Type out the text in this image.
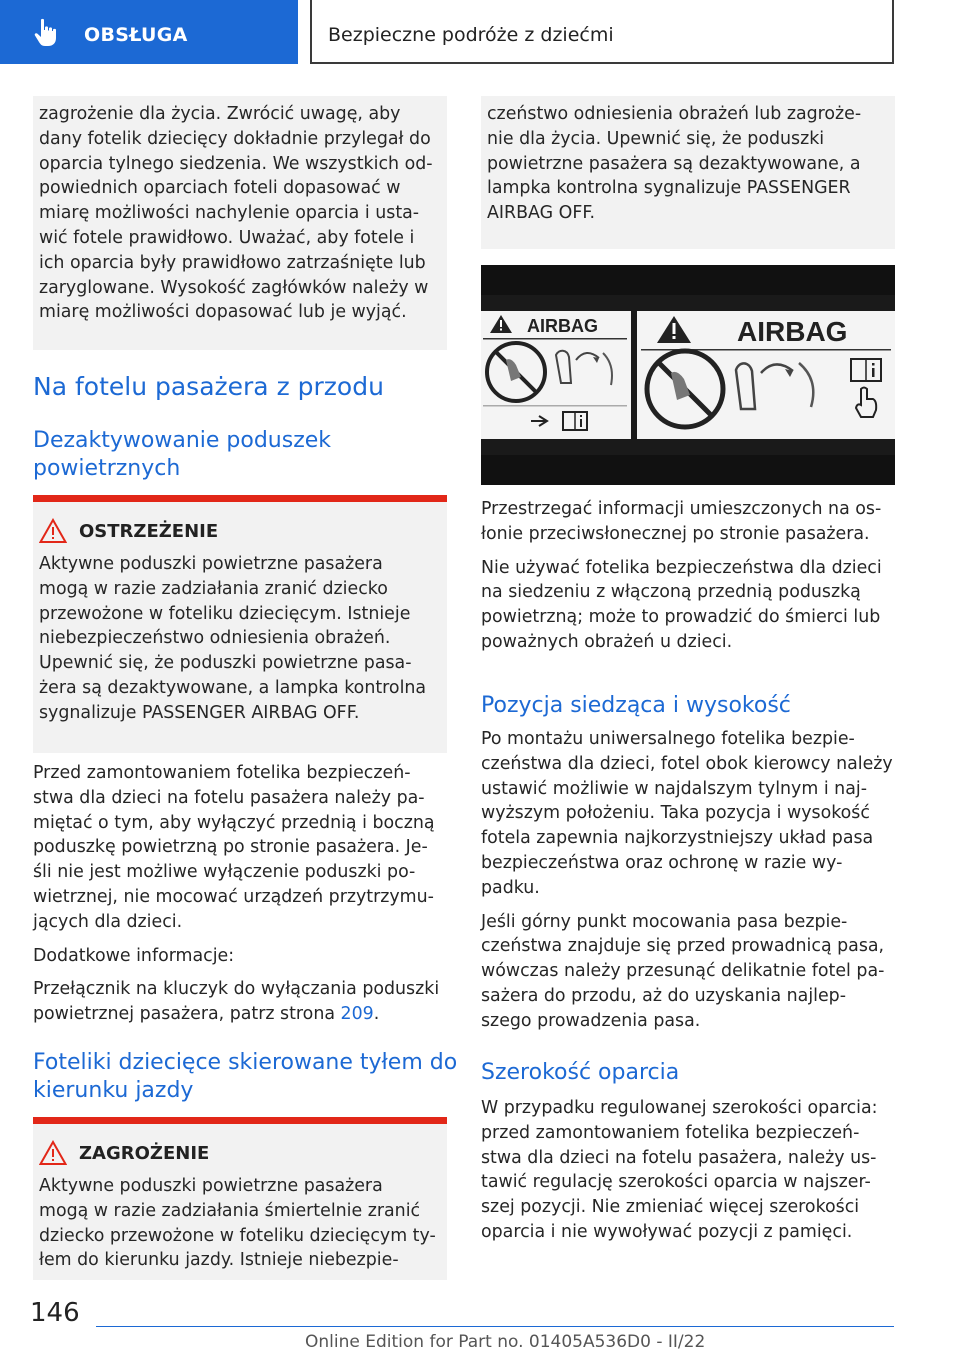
OBSŁUGA	Bezpieczne podróże z dziećmi

zagrożenie dla życia. Zwrócić uwagę, aby

dany fotelik dziecięcy dokładnie przylegał do

oparcia tylnego siedzenia. We wszystkich od-

powiednich oparciach foteli dopasować w

miarę możliwości nachylenie oparcia i usta-

wić fotele prawidłowo. Uważać, aby fotele i

ich oparcia były prawidłowo zatrzaśnięte lub

zaryglowane. Wysokość zagłówków należy w

miarę możliwości dopasować lub je wyjąć.

Na fotelu pasażera z przodu
Dezaktywowanie poduszek
powietrznych
OSTRZEŻENIE

Aktywne poduszki powietrzne pasażera

mogą w razie zadziałania zranić dziecko

przewożone w foteliku dziecięcym. Istnieje

niebezpieczeństwo odniesienia obrażeń.

Upewnić się, że poduszki powietrzne pasa-

żera są dezaktywowane, a lampka kontrolna

sygnalizuje PASSENGER AIRBAG OFF.

Przed zamontowaniem fotelika bezpieczeń-

stwa dla dzieci na fotelu pasażera należy pa-

miętać o tym, aby wyłączyć przednią i boczną

poduszkę powietrzną po stronie pasażera. Je-

śli nie jest możliwe wyłączenie poduszki po-

wietrznej, nie mocować urządzeń przytrzymu-

jących dla dzieci.

Dodatkowe informacje:

Przełącznik na kluczyk do wyłączania poduszki

powietrznej pasażera, patrz strona 209.

Foteliki dziecięce skierowane tyłem do
kierunku jazdy
ZAGROŻENIE

Aktywne poduszki powietrzne pasażera

mogą w razie zadziałania śmiertelnie zranić

dziecko przewożone w foteliku dziecięcym ty-

łem do kierunku jazdy. Istnieje niebezpie-

czeństwo odniesienia obrażeń lub zagroże-

nie dla życia. Upewnić się, że poduszki

powietrzne pasażera są dezaktywowane, a

lampka kontrolna sygnalizuje PASSENGER

AIRBAG OFF.

AIRBAG	AIRBAG

Przestrzegać informacji umieszczonych na os-

łonie przeciwsłonecznej po stronie pasażera.

Nie używać fotelika bezpieczeństwa dla dzieci

na siedzeniu z włączoną przednią poduszką

powietrzną; może to prowadzić do śmierci lub

poważnych obrażeń u dzieci.

Pozycja siedząca i wysokość

Po montażu uniwersalnego fotelika bezpie-

czeństwa dla dzieci, fotel obok kierowcy należy

ustawić możliwie w najdalszym tylnym i naj-

wyższym położeniu. Taka pozycja i wysokość

fotela zapewnia najkorzystniejszy układ pasa

bezpieczeństwa oraz ochronę w razie wy-

padku.

Jeśli górny punkt mocowania pasa bezpie-

czeństwa znajduje się przed prowadnicą pasa,

wówczas należy przesunąć delikatnie fotel pa-

sażera do przodu, aż do uzyskania najlep-

szego prowadzenia pasa.

Szerokość oparcia

W przypadku regulowanej szerokości oparcia:

przed zamontowaniem fotelika bezpieczeń-

stwa dla dzieci na fotelu pasażera, należy us-

tawić regulację szerokości oparcia w najszer-

szej pozycji. Nie zmieniać więcej szerokości

oparcia i nie wywoływać pozycji z pamięci.

146
Online Edition for Part no. 01405A536D0 - II/22
